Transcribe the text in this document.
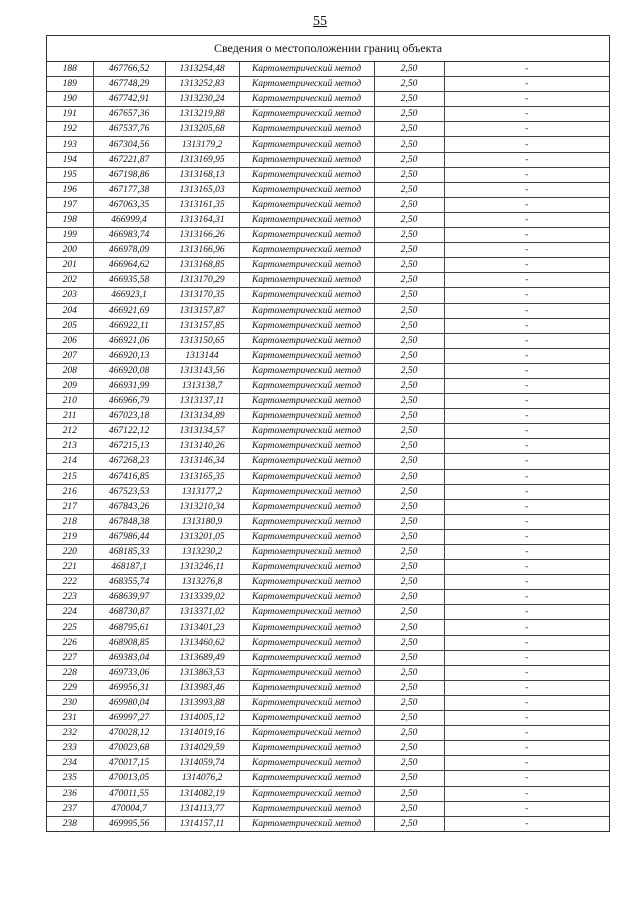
55
Сведения о местоположении границ объекта
188	467766,52	1313254,48	Картометрический метод	2,50	-
189	467748,29	1313252,83	Картометрический метод	2,50	-
190	467742,91	1313230,24	Картометрический метод	2,50	-
191	467657,36	1313219,88	Картометрический метод	2,50	-
192	467537,76	1313205,68	Картометрический метод	2,50	-
193	467304,56	1313179,2	Картометрический метод	2,50	-
194	467221,87	1313169,95	Картометрический метод	2,50	-
195	467198,86	1313168,13	Картометрический метод	2,50	-
196	467177,38	1313165,03	Картометрический метод	2,50	-
197	467063,35	1313161,35	Картометрический метод	2,50	-
198	466999,4	1313164,31	Картометрический метод	2,50	-
199	466983,74	1313166,26	Картометрический метод	2,50	-
200	466978,09	1313166,96	Картометрический метод	2,50	-
201	466964,62	1313168,85	Картометрический метод	2,50	-
202	466935,58	1313170,29	Картометрический метод	2,50	-
203	466923,1	1313170,35	Картометрический метод	2,50	-
204	466921,69	1313157,87	Картометрический метод	2,50	-
205	466922,11	1313157,85	Картометрический метод	2,50	-
206	466921,06	1313150,65	Картометрический метод	2,50	-
207	466920,13	1313144	Картометрический метод	2,50	-
208	466920,08	1313143,56	Картометрический метод	2,50	-
209	466931,99	1313138,7	Картометрический метод	2,50	-
210	466966,79	1313137,11	Картометрический метод	2,50	-
211	467023,18	1313134,89	Картометрический метод	2,50	-
212	467122,12	1313134,57	Картометрический метод	2,50	-
213	467215,13	1313140,26	Картометрический метод	2,50	-
214	467268,23	1313146,34	Картометрический метод	2,50	-
215	467416,85	1313165,35	Картометрический метод	2,50	-
216	467523,53	1313177,2	Картометрический метод	2,50	-
217	467843,26	1313210,34	Картометрический метод	2,50	-
218	467848,38	1313180,9	Картометрический метод	2,50	-
219	467986,44	1313201,05	Картометрический метод	2,50	-
220	468185,33	1313230,2	Картометрический метод	2,50	-
221	468187,1	1313246,11	Картометрический метод	2,50	-
222	468355,74	1313276,8	Картометрический метод	2,50	-
223	468639,97	1313339,02	Картометрический метод	2,50	-
224	468730,87	1313371,02	Картометрический метод	2,50	-
225	468795,61	1313401,23	Картометрический метод	2,50	-
226	468908,85	1313460,62	Картометрический метод	2,50	-
227	469383,04	1313689,49	Картометрический метод	2,50	-
228	469733,06	1313863,53	Картометрический метод	2,50	-
229	469956,31	1313983,46	Картометрический метод	2,50	-
230	469980,04	1313993,88	Картометрический метод	2,50	-
231	469997,27	1314005,12	Картометрический метод	2,50	-
232	470028,12	1314019,16	Картометрический метод	2,50	-
233	470023,68	1314029,59	Картометрический метод	2,50	-
234	470017,15	1314059,74	Картометрический метод	2,50	-
235	470013,05	1314076,2	Картометрический метод	2,50	-
236	470011,55	1314082,19	Картометрический метод	2,50	-
237	470004,7	1314113,77	Картометрический метод	2,50	-
238	469995,56	1314157,11	Картометрический метод	2,50	-
